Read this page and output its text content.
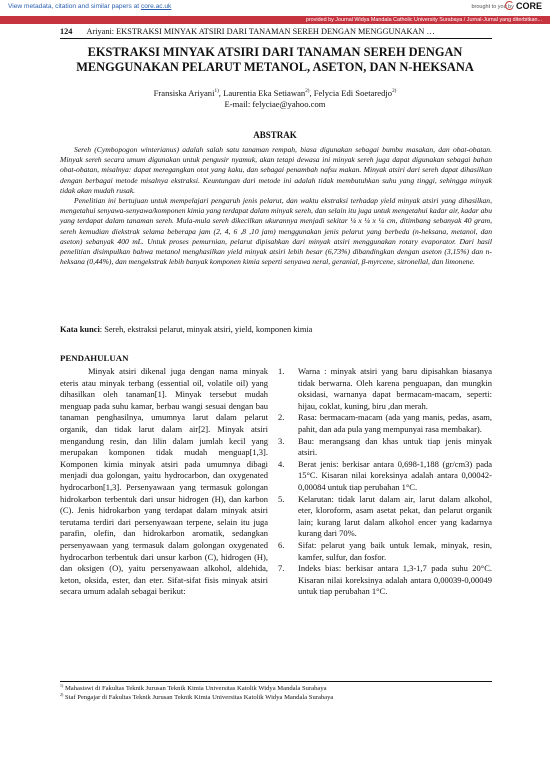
View metadata, citation and similar papers at core.ac.uk	brought to you by CORE
provided by Journal Widya Mandala Catholic University Surabaya / Jurnal-Jurnal yang diterbitkan...
124 Ariyani: EKSTRAKSI MINYAK ATSIRI DARI TANAMAN SEREH DENGAN MENGGUNAKAN …
EKSTRAKSI MINYAK ATSIRI DARI TANAMAN SEREH DENGAN
MENGGUNAKAN PELARUT METANOL, ASETON, DAN N-HEKSANA
Fransiska Ariyani$^{1)}$, Laurentia Eka Setiawan$^{2)}$, Felycia Edi Soetaredjo$^{2)}$
E-mail: felyciae@yahoo.com
ABSTRAK

Sereh (Cymbopogon winterianus) adalah salah satu tanaman rempah, biasa digunakan sebagai bumbu masakan, dan obat-obatan. Minyak sereh secara umum digunakan untuk pengusir nyamuk, akan tetapi dewasa ini minyak sereh juga dapat digunakan sebagai bahan obat-obatan, misalnya: dapat meregangkan otot yang kaku, dan sebagai penambah nafsu makan. Minyak atsiri dari sereh dapat dihasilkan dengan berbagai metode misalnya ekstraksi. Keuntungan dari metode ini adalah tidak membutuhkan suhu yang tinggi, sehingga minyak tidak akan mudah rusak.

Penelitian ini bertujuan untuk mempelajari pengaruh jenis pelarut, dan waktu ekstraksi terhadap yield minyak atsiri yang dihasilkan, mengetahui senyawa-senyawa/komponen kimia yang terdapat dalam minyak sereh, dan selain itu juga untuk mengetahui kadar air, kadar abu yang terdapat dalam tanaman sereh. Mula-mula sereh dikecilkan ukurannya menjadi sekitar ¼ x ¼ x ¼ cm, ditimbang sebanyak 40 gram, sereh kemudian diekstrak selama beberapa jam (2, 4, 6 ,8 ,10 jam) menggunakan jenis pelarut yang berbeda (n-heksana, metanol, dan aseton) sebanyak 400 mL. Untuk proses pemurnian, pelarut dipisahkan dari minyak atsiri menggunakan rotary evaporator. Dari hasil penelitian disimpulkan bahwa metanol menghasilkan yield minyak atsiri lebih besar (6,73%) dibandingkan dengan aseton (3,15%) dan n-heksana (0,44%), dan mengekstrak lebih banyak komponen kimia seperti senyawa neral, geranial, β-myrcene, sitronellal, dan limonene.

Kata kunci: Sereh, ekstraksi pelarut, minyak atsiri, yield, komponen kimia
PENDAHULUAN

Minyak atsiri dikenal juga dengan nama minyak eteris atau minyak terbang (essential oil, volatile oil) yang dihasilkan oleh tanaman[1]. Minyak tersebut mudah menguap pada suhu kamar, berbau wangi sesuai dengan bau tanaman penghasilnya, umumnya larut dalam pelarut organik, dan tidak larut dalam air[2]. Minyak atsiri mengandung resin, dan lilin dalam jumlah kecil yang merupakan komponen tidak mudah menguap[1,3]. Komponen kimia minyak atsiri pada umumnya dibagi menjadi dua golongan, yaitu hydrocarbon, dan oxygenated hydrocarbon[1,3]. Persenyawaan yang termasuk golongan hidrokarbon terbentuk dari unsur hidrogen (H), dan karbon (C). Jenis hidrokarbon yang terdapat dalam minyak atsiri terutama terdiri dari persenyawaan terpene, selain itu juga parafin, olefin, dan hidrokarbon aromatik, sedangkan persenyawaan yang termasuk dalam golongan oxygenated hydrocarbon terbentuk dari unsur karbon (C), hidrogen (H), dan oksigen (O), yaitu persenyawaan alkohol, aldehida, keton, oksida, ester, dan eter. Sifat-sifat fisis minyak atsiri secara umum adalah sebagai berikut:

1. Warna : minyak atsiri yang baru dipisahkan biasanya tidak berwarna. Oleh karena penguapan, dan mungkin oksidasi, warnanya dapat bermacam-macam, seperti: hijau, coklat, kuning, biru ,dan merah.
2. Rasa: bermacam-macam (ada yang manis, pedas, asam, pahit, dan ada pula yang mempunyai rasa membakar).
3. Bau: merangsang dan khas untuk tiap jenis minyak atsiri.
4. Berat jenis: berkisar antara 0,698-1,188 (gr/cm3) pada 15°C. Kisaran nilai koreksinya adalah antara 0,00042-0,00084 untuk tiap perubahan 1°C.
5. Kelarutan: tidak larut dalam air, larut dalam alkohol, eter, kloroform, asam asetat pekat, dan pelarut organik lain; kurang larut dalam alkohol encer yang kadarnya kurang dari 70%.
6. Sifat: pelarut yang baik untuk lemak, minyak, resin, kamfer, sulfur, dan fosfor.
7. Indeks bias: berkisar antara 1,3-1,7 pada suhu 20°C. Kisaran nilai koreksinya adalah antara 0,00039-0,00049 untuk tiap perubahan 1°C.
$^{1)}$ Mahasiswi di Fakultas Teknik Jurusan Teknik Kimia Universitas Katolik Widya Mandala Surabaya
$^{2)}$ Staf Pengajar di Fakultas Teknik Jurusan Teknik Kimia Universitas Katolik Widya Mandala Surabaya
